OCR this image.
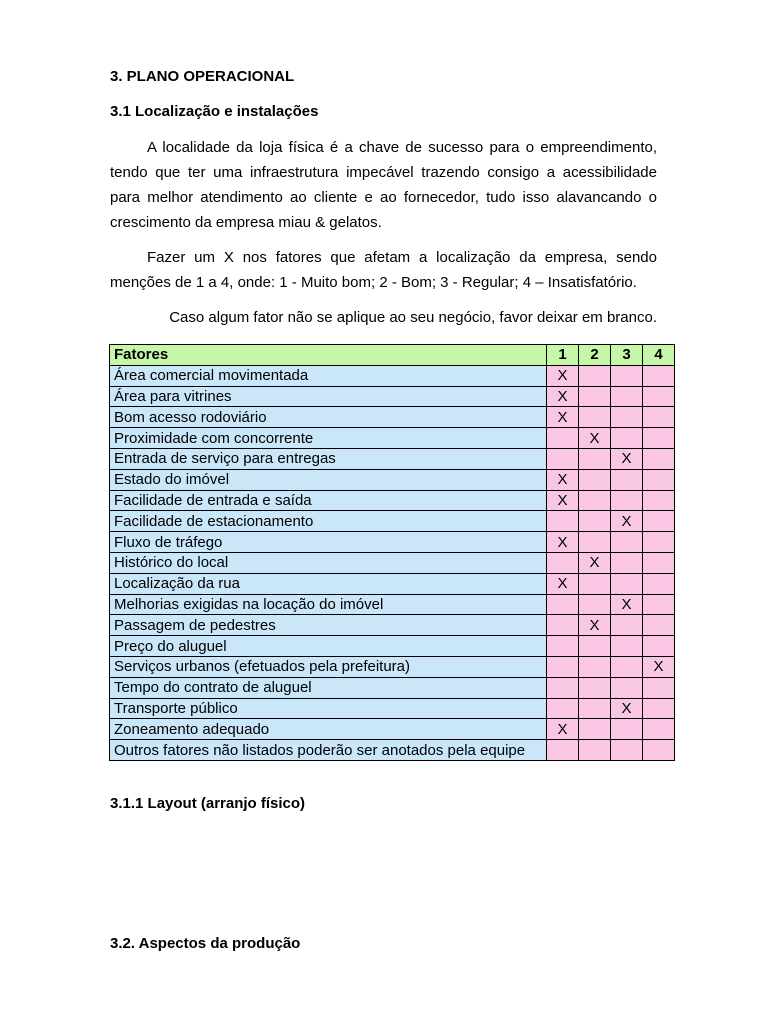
3. PLANO OPERACIONAL
3.1 Localização e instalações

A localidade da loja física é a chave de sucesso para o empreendimento, tendo que ter uma infraestrutura impecável trazendo consigo a acessibilidade para melhor atendimento ao cliente e ao fornecedor, tudo isso alavancando o crescimento da empresa miau & gelatos.

Fazer um X nos fatores que afetam a localização da empresa, sendo menções de 1 a 4, onde: 1 - Muito bom; 2 - Bom; 3 - Regular; 4 – Insatisfatório.

Caso algum fator não se aplique ao seu negócio, favor deixar em branco.

Fatores	1	2	3	4
Área comercial movimentada	X			
Área para vitrines	X			
Bom acesso rodoviário	X			
Proximidade com concorrente		X		
Entrada de serviço para entregas			X	
Estado do imóvel	X			
Facilidade de entrada e saída	X			
Facilidade de estacionamento			X	
Fluxo de tráfego	X			
Histórico do local		X		
Localização da rua	X			
Melhorias exigidas na locação do imóvel			X	
Passagem de pedestres		X		
Preço do aluguel				
Serviços urbanos (efetuados pela prefeitura)				X
Tempo do contrato de aluguel				
Transporte público			X	
Zoneamento adequado	X			
Outros fatores não listados poderão ser anotados pela equipe				
3.1.1 Layout (arranjo físico)
3.2. Aspectos da produção
